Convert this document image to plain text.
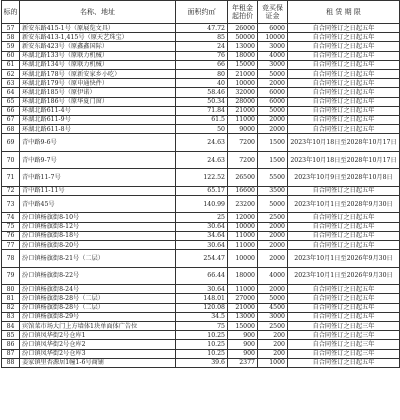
标的	名称、地址	面积约㎡	年租金起拍价	竞买保证金	租 赁 期 限
57	新安东路415-1号（原展览文具）	47.72	26000	6000	自合同签订之日起五年
58	新安东路413-1,415号（原天艺珠宝）	85	50000	10000	自合同签订之日起五年
59	新安东路423号（原鑫鑫国际）	24	13000	3000	自合同签订之日起五年
60	环湖北路133号（原联力机械）	76	18000	4000	自合同签订之日起五年
61	环湖北路134号（原联力机械）	66	15000	3000	自合同签订之日起五年
62	环湖北路178号（原新安家乡小吃）	80	21000	5000	自合同签订之日起五年
63	环湖北路179号（原申通快件）	40	10000	2000	自合同签订之日起五年
64	环湖北路185号（原伊诺）	58.46	32000	6000	自合同签订之日起五年
65	环湖北路186号（原华夏门窗）	50.34	28000	6000	自合同签订之日起五年
66	环湖北路611-4号	71.84	21000	5000	自合同签订之日起五年
67	环湖北路611-9号	61.5	11000	2000	自合同签订之日起五年
68	环湖北路611-8号	50	9000	2000	自合同签订之日起五年
69	青中路9-6号	24.63	7200	1500	2023年10月18日至2028年10月17日
70	青中路9-7号	24.63	7200	1500	2023年10月18日至2028年10月17日
71	青中路11-7号	122.52	26500	5500	2023年10月9日至2028年10月8日
72	青中路11-11号	65.17	16600	3500	自合同签订之日起五年
73	青中路45号	140.99	23200	5000	2023年10月1日至2028年9月30日
74	汾口镇杨旗街8-10号	25	12000	2500	自合同签订之日起五年
75	汾口镇杨旗街8-12号	30.64	10000	2000	自合同签订之日起五年
76	汾口镇杨旗街8-18号	34.64	11000	2000	自合同签订之日起五年
77	汾口镇杨旗街8-20号	30.64	11000	2000	自合同签订之日起五年
78	汾口镇杨旗街8-21号（二层）	254.47	10000	2000	2023年10月1日至2026年9月30日
79	汾口镇杨旗街8-22号	66.44	18000	4000	2023年10月1日至2026年9月30日
80	汾口镇杨旗街8-24号	30.64	11000	2000	自合同签订之日起五年
81	汾口镇杨旗街8-28号（二层）	148.01	27000	5000	自合同签订之日起五年
82	汾口镇杨旗街8-28号（二层）	120.08	21000	4500	自合同签订之日起五年
83	汾口镇杨旗街8-29号	34.5	13000	3000	自合同签订之日起五年
84	宾馆菜市场大门上方墙体1块单面体广告位	75	15000	2500	自合同签订之日起三年
85	汾口镇凤华街2号仓库1	10.25	900	200	自合同签订之日起三年
86	汾口镇凤华街2号仓库2	10.25	900	200	自合同签订之日起三年
87	汾口镇凤华街2号仓库3	10.25	900	200	自合同签订之日起三年
88	姜家镇里杏源居1幢1-6号商铺	39.6	2377	1000	自合同签订之日起五年
